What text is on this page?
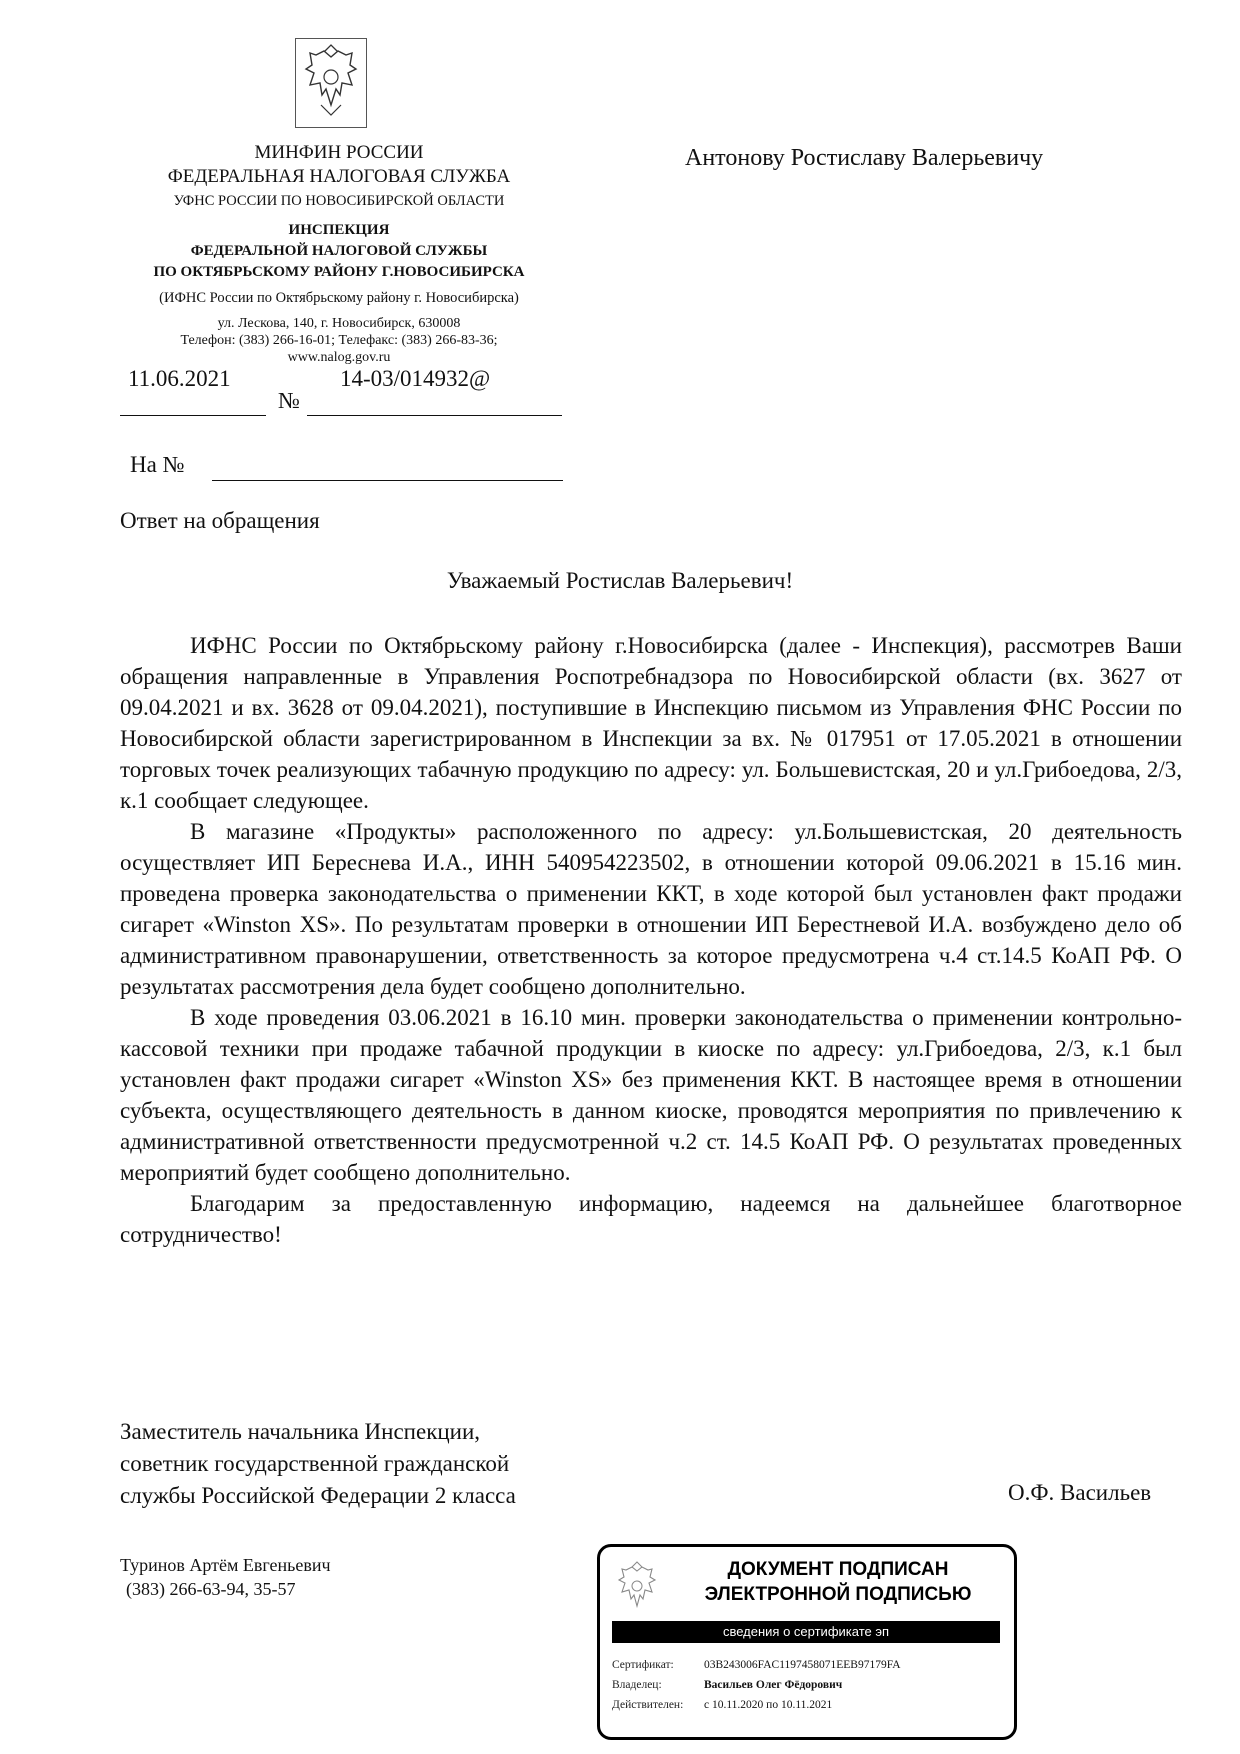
МИНФИН РОССИИ
ФЕДЕРАЛЬНАЯ НАЛОГОВАЯ СЛУЖБА
УФНС РОССИИ ПО НОВОСИБИРСКОЙ ОБЛАСТИ
ИНСПЕКЦИЯ
ФЕДЕРАЛЬНОЙ НАЛОГОВОЙ СЛУЖБЫ
ПО ОКТЯБРЬСКОМУ РАЙОНУ Г.НОВОСИБИРСКА
(ИФНС России по Октябрьскому району г. Новосибирска)
ул. Лескова, 140, г. Новосибирск, 630008
Телефон: (383) 266-16-01; Телефакс: (383) 266-83-36;
www.nalog.gov.ru
Антонову Ростиславу Валерьевичу
11.06.2021
№
14-03/014932@
На №
Ответ на обращения
Уважаемый Ростислав Валерьевич!

ИФНС России по Октябрьскому району г.Новосибирска (далее - Инспекция), рассмотрев Ваши обращения направленные в Управления Роспотребнадзора по Новосибирской области (вх. 3627 от 09.04.2021 и вх. 3628 от 09.04.2021), поступившие в Инспекцию письмом из Управления ФНС России по Новосибирской области зарегистрированном в Инспекции за вх. № 017951 от 17.05.2021 в отношении торговых точек реализующих табачную продукцию по адресу: ул. Большевистская, 20 и ул.Грибоедова, 2/3, к.1 сообщает следующее.

В магазине «Продукты» расположенного по адресу: ул.Большевистская, 20 деятельность осуществляет ИП Береснева И.А., ИНН 540954223502, в отношении которой 09.06.2021 в 15.16 мин. проведена проверка законодательства о применении ККТ, в ходе которой был установлен факт продажи сигарет «Winston XS». По результатам проверки в отношении ИП Берестневой И.А. возбуждено дело об административном правонарушении, ответственность за которое предусмотрена ч.4 ст.14.5 КоАП РФ. О результатах рассмотрения дела будет сообщено дополнительно.

В ходе проведения 03.06.2021 в 16.10 мин. проверки законодательства о применении контрольно-кассовой техники при продаже табачной продукции в киоске по адресу: ул.Грибоедова, 2/3, к.1 был установлен факт продажи сигарет «Winston XS» без применения ККТ. В настоящее время в отношении субъекта, осуществляющего деятельность в данном киоске, проводятся мероприятия по привлечению к административной ответственности предусмотренной ч.2 ст. 14.5 КоАП РФ. О результатах проведенных мероприятий будет сообщено дополнительно.

Благодарим за предоставленную информацию, надеемся на дальнейшее благотворное сотрудничество!

Заместитель начальника Инспекции,
советник государственной гражданской
службы Российской Федерации 2 класса	О.Ф. Васильев
Туринов Артём Евгеньевич
(383) 266-63-94, 35-57
ДОКУМЕНТ ПОДПИСАН
ЭЛЕКТРОННОЙ ПОДПИСЬЮ
сведения о сертификате эп
Сертификат:	03B243006FAC1197458071EEB97179FA
Владелец:	Васильев Олег Фёдорович
Действителен: с 10.11.2020 по 10.11.2021
